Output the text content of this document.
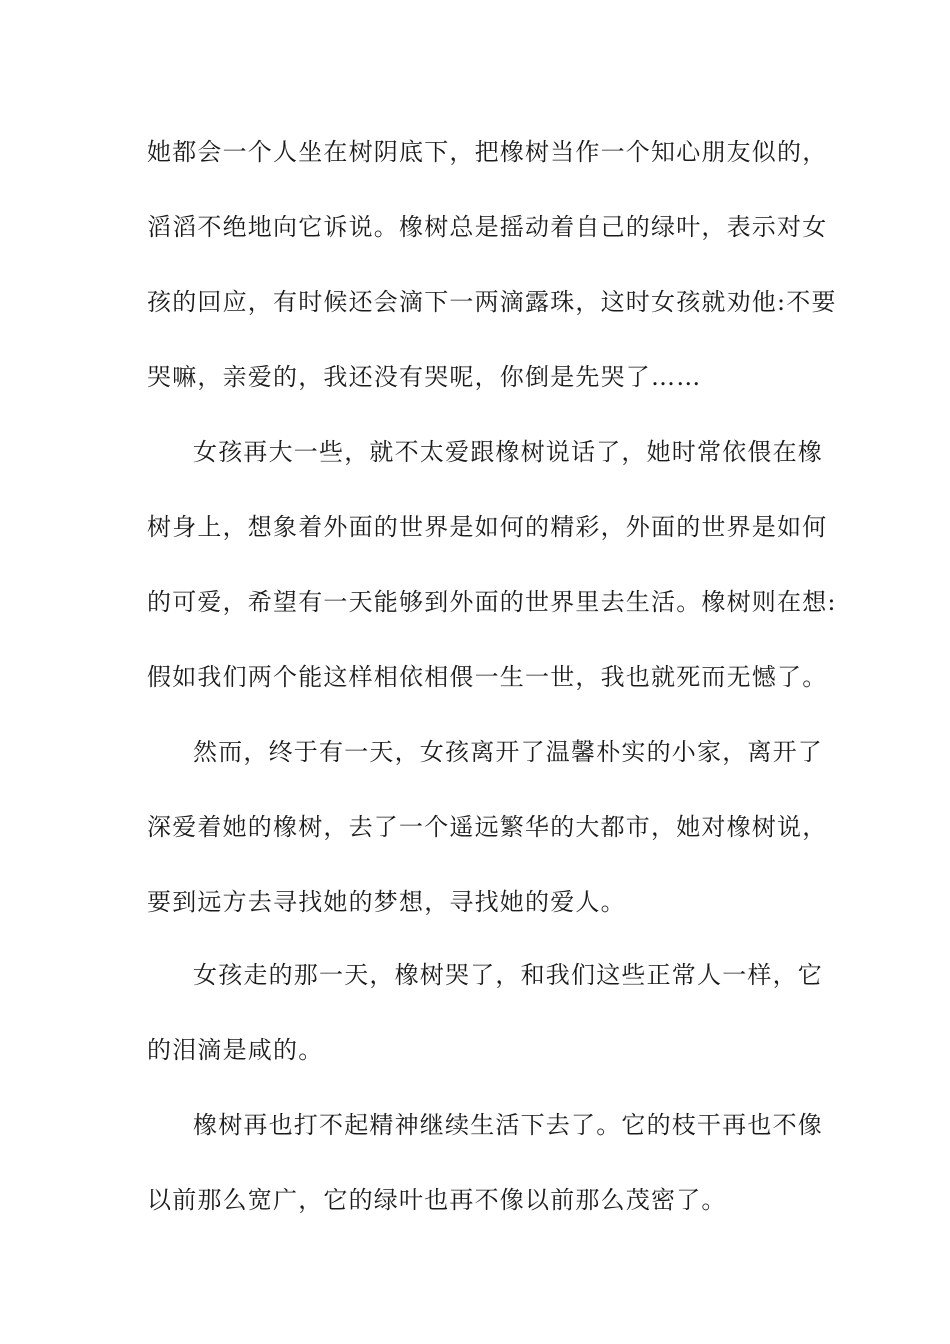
她都会一个人坐在树阴底下，把橡树当作一个知心朋友似的，
滔滔不绝地向它诉说。橡树总是摇动着自己的绿叶，表示对女
孩的回应，有时候还会滴下一两滴露珠，这时女孩就劝他:不要
哭嘛，亲爱的，我还没有哭呢，你倒是先哭了……
女孩再大一些，就不太爱跟橡树说话了，她时常依偎在橡
树身上，想象着外面的世界是如何的精彩，外面的世界是如何
的可爱，希望有一天能够到外面的世界里去生活。橡树则在想:
假如我们两个能这样相依相偎一生一世，我也就死而无憾了。
然而，终于有一天，女孩离开了温馨朴实的小家，离开了
深爱着她的橡树，去了一个遥远繁华的大都市，她对橡树说，
要到远方去寻找她的梦想，寻找她的爱人。
女孩走的那一天，橡树哭了，和我们这些正常人一样，它
的泪滴是咸的。
橡树再也打不起精神继续生活下去了。它的枝干再也不像
以前那么宽广，它的绿叶也再不像以前那么茂密了。
